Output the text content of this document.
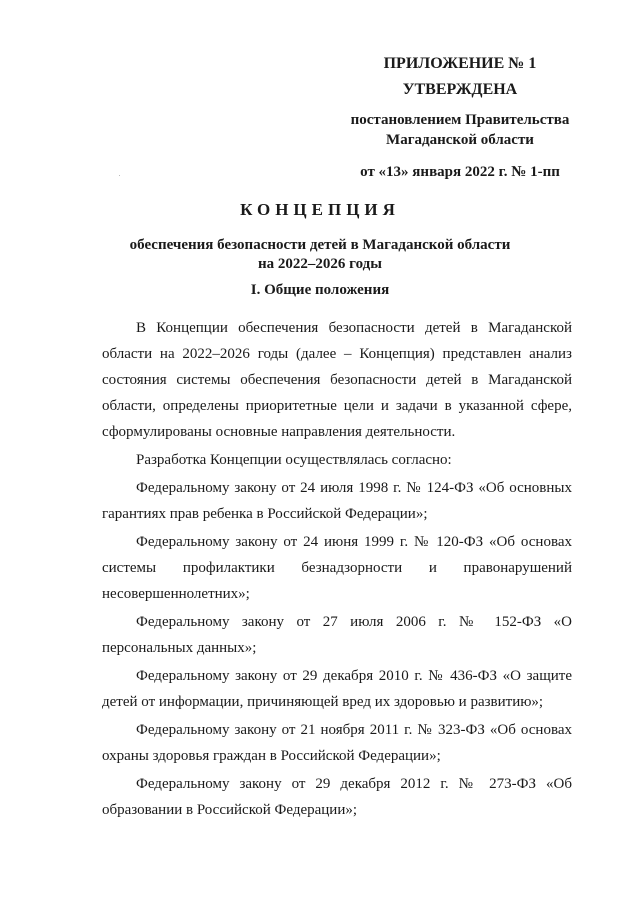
ПРИЛОЖЕНИЕ № 1
УТВЕРЖДЕНА
постановлением Правительства
Магаданской области
от «13» января 2022 г. № 1-пп
КОНЦЕПЦИЯ
обеспечения безопасности детей в Магаданской области
на 2022–2026 годы
I. Общие положения

В Концепции обеспечения безопасности детей в Магаданской области на 2022–2026 годы (далее – Концепция) представлен анализ состояния системы обеспечения безопасности детей в Магаданской области, определены приоритетные цели и задачи в указанной сфере, сформулированы основные направления деятельности.

Разработка Концепции осуществлялась согласно:

Федеральному закону от 24 июля 1998 г. № 124-ФЗ «Об основных гарантиях прав ребенка в Российской Федерации»;

Федеральному закону от 24 июня 1999 г. № 120-ФЗ «Об основах системы профилактики безнадзорности и правонарушений несовершеннолетних»;

Федеральному закону от 27 июля 2006 г. № 152-ФЗ «О персональных данных»;

Федеральному закону от 29 декабря 2010 г. № 436-ФЗ «О защите детей от информации, причиняющей вред их здоровью и развитию»;

Федеральному закону от 21 ноября 2011 г. № 323-ФЗ «Об основах охраны здоровья граждан в Российской Федерации»;

Федеральному закону от 29 декабря 2012 г. № 273-ФЗ «Об образовании в Российской Федерации»;
